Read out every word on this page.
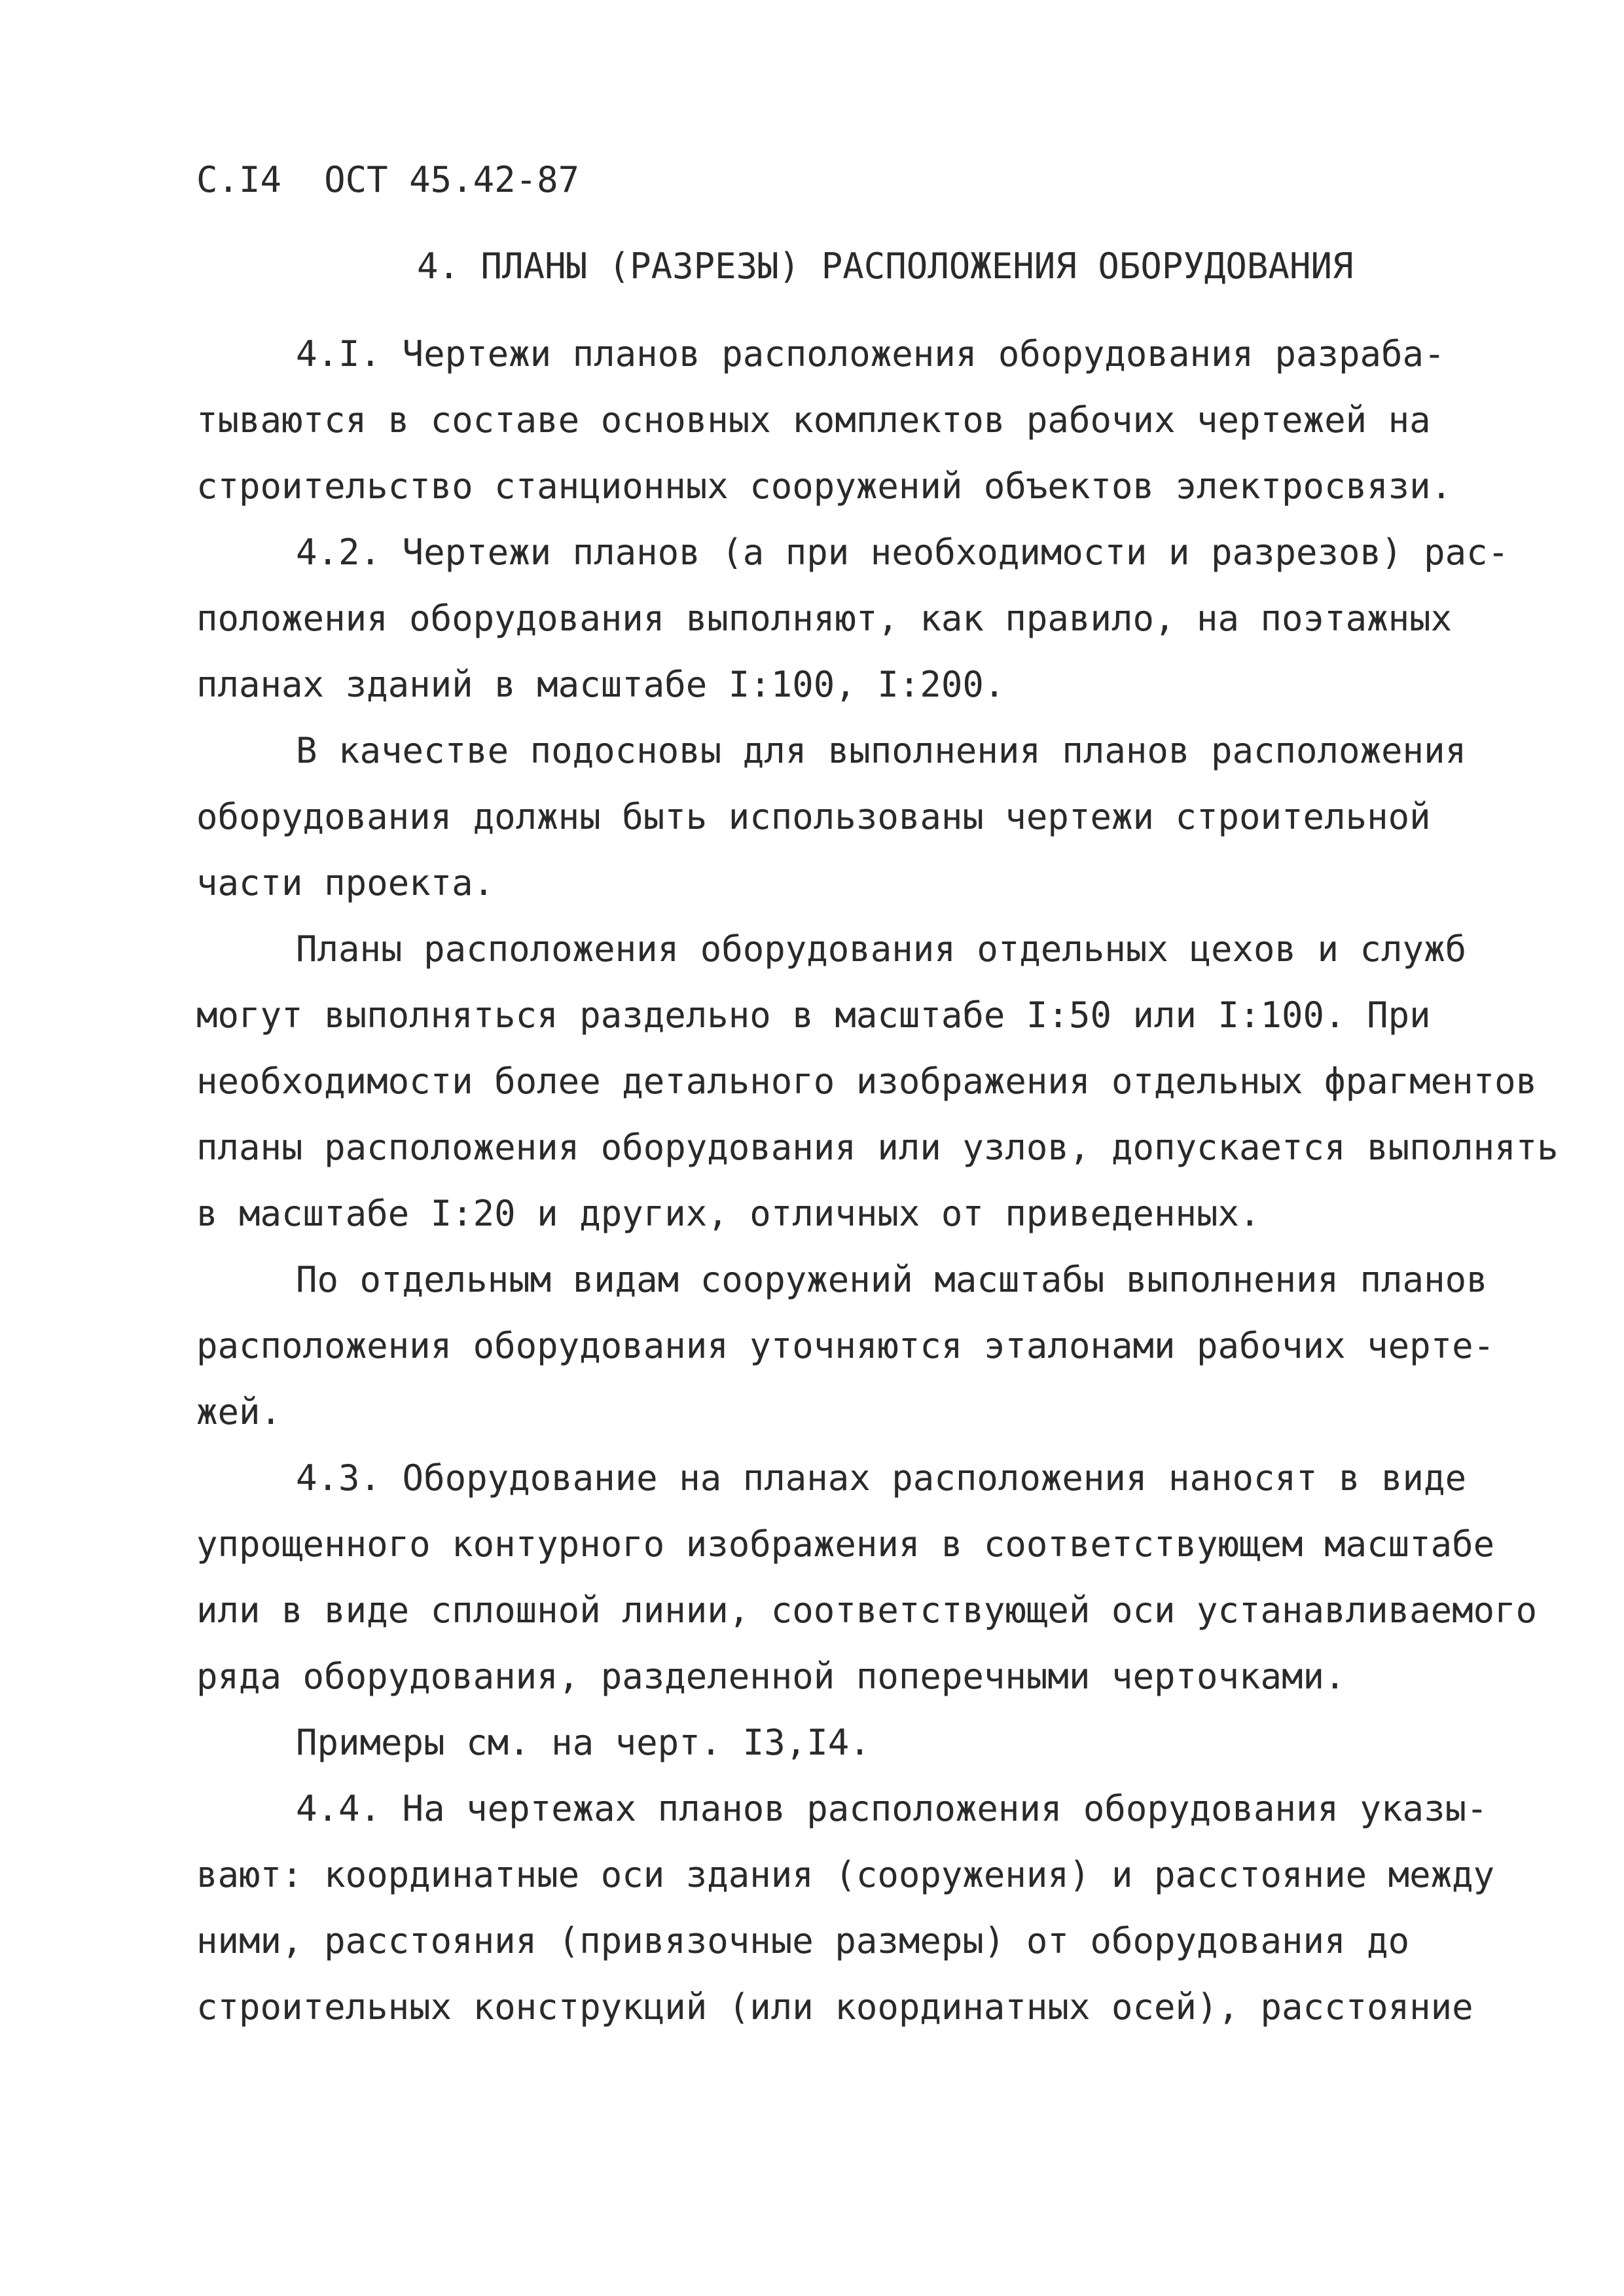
С.I4  ОСТ 45.42-87
4. ПЛАНЫ (РАЗРЕЗЫ) РАСПОЛОЖЕНИЯ ОБОРУДОВАНИЯ
4.I. Чертежи планов расположения оборудования разраба-
тываются в составе основных комплектов рабочих чертежей на
строительство станционных сооружений объектов электросвязи.
4.2. Чертежи планов (а при необходимости и разрезов) рас-
положения оборудования выполняют, как правило, на поэтажных
планах зданий в масштабе I:100, I:200.
В качестве подосновы для выполнения планов расположения
оборудования должны быть использованы чертежи строительной
части проекта.
Планы расположения оборудования отдельных цехов и служб
могут выполняться раздельно в масштабе I:50 или I:100. При
необходимости более детального изображения отдельных фрагментов
планы расположения оборудования или узлов, допускается выполнять
в масштабе I:20 и других, отличных от приведенных.
По отдельным видам сооружений масштабы выполнения планов
расположения оборудования уточняются эталонами рабочих черте-
жей.
4.3. Оборудование на планах расположения наносят в виде
упрощенного контурного изображения в соответствующем масштабе
или в виде сплошной линии, соответствующей оси устанавливаемого
ряда оборудования, разделенной поперечными черточками.
Примеры см. на черт. I3,I4.
4.4. На чертежах планов расположения оборудования указы-
вают: координатные оси здания (сооружения) и расстояние между
ними, расстояния (привязочные размеры) от оборудования до
строительных конструкций (или координатных осей), расстояние
